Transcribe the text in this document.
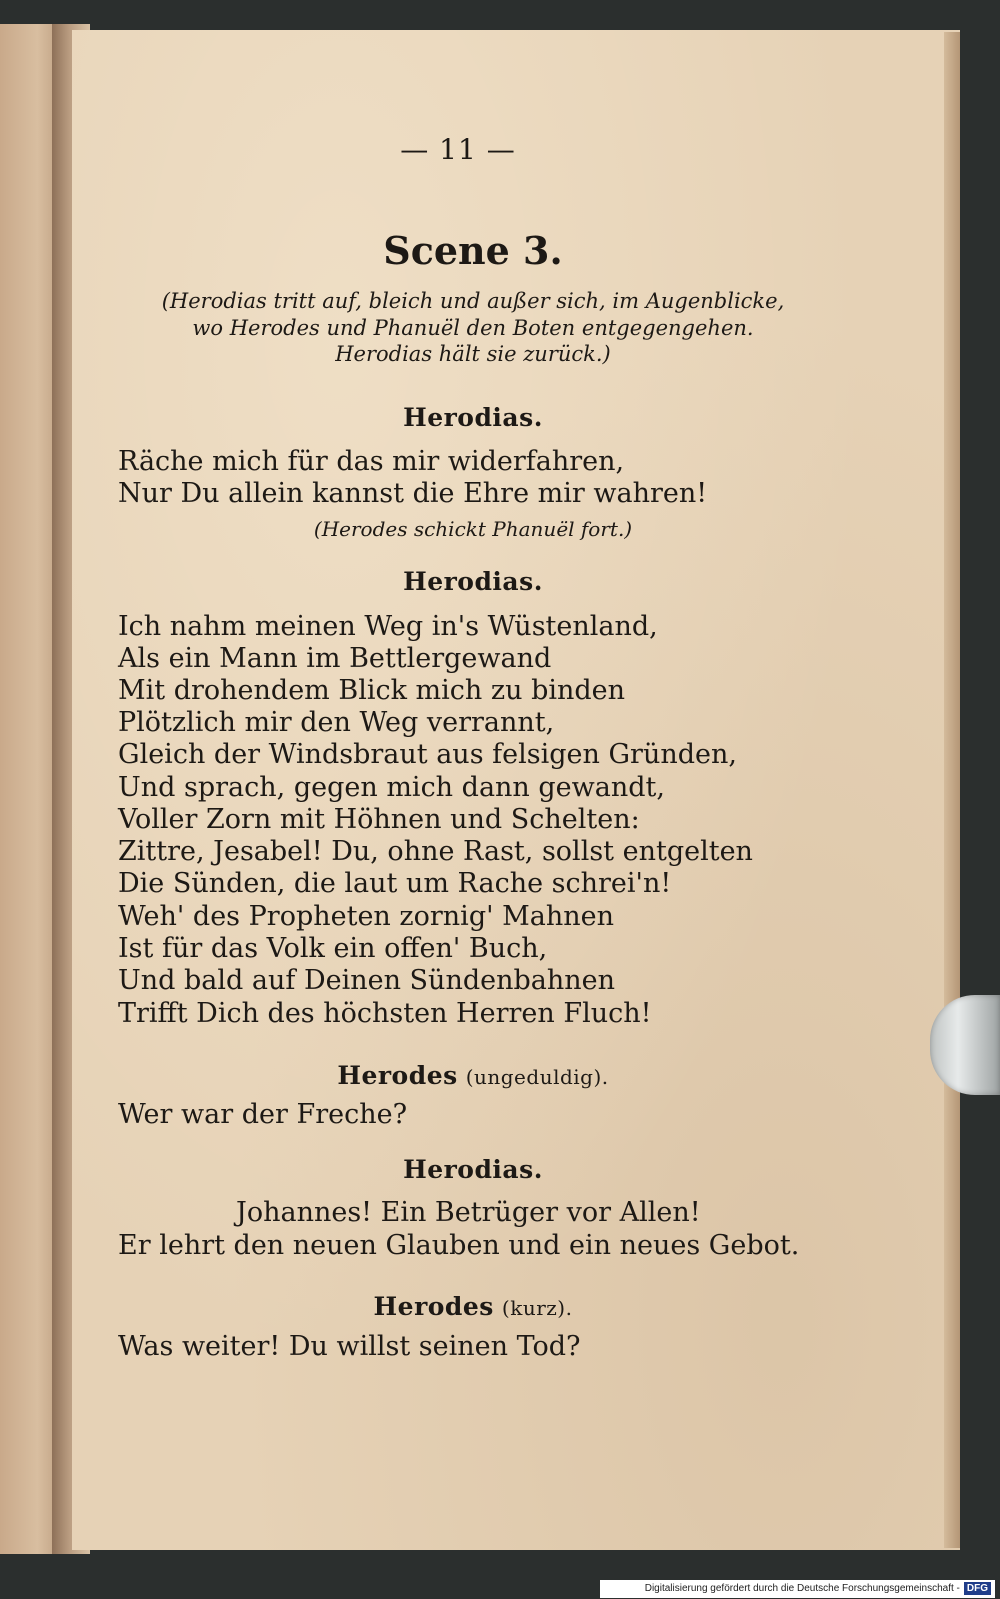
— 11 —
Scene 3.
(Herodias tritt auf, bleich und außer sich, im Augenblicke,
wo Herodes und Phanuël den Boten entgegengehen.
Herodias hält sie zurück.)
Herodias.
Räche mich für das mir widerfahren,
Nur Du allein kannst die Ehre mir wahren!
(Herodes schickt Phanuël fort.)
Herodias.
Ich nahm meinen Weg in's Wüstenland,
Als ein Mann im Bettlergewand
Mit drohendem Blick mich zu binden
Plötzlich mir den Weg verrannt,
Gleich der Windsbraut aus felsigen Gründen,
Und sprach, gegen mich dann gewandt,
Voller Zorn mit Höhnen und Schelten:
Zittre, Jesabel! Du, ohne Rast, sollst entgelten
Die Sünden, die laut um Rache schrei'n!
Weh' des Propheten zornig' Mahnen
Ist für das Volk ein offen' Buch,
Und bald auf Deinen Sündenbahnen
Trifft Dich des höchsten Herren Fluch!
Herodes (ungeduldig).
Wer war der Freche?
Herodias.
Johannes! Ein Betrüger vor Allen!
Er lehrt den neuen Glauben und ein neues Gebot.
Herodes (kurz).
Was weiter! Du willst seinen Tod?
Digitalisierung gefördert durch die Deutsche Forschungsgemeinschaft - DFG
